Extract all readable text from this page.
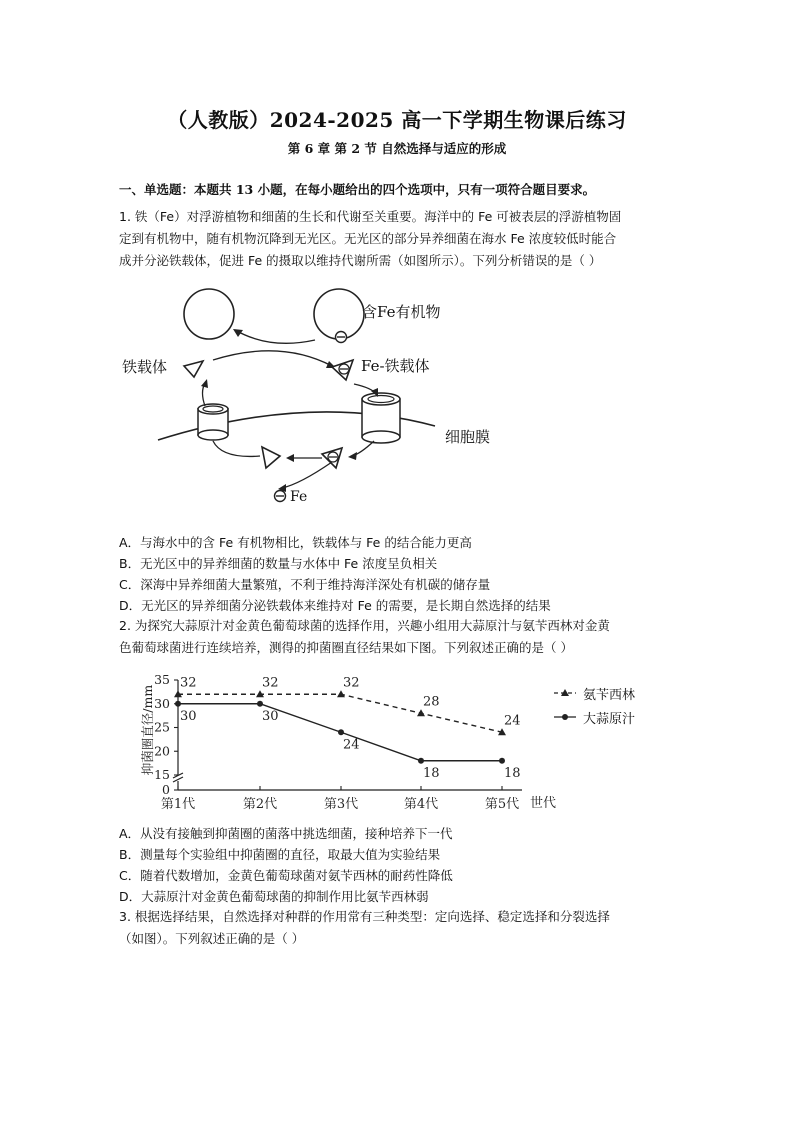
（人教版）2024-2025 高一下学期生物课后练习
第 6 章 第 2 节 自然选择与适应的形成
一、单选题：本题共 13 小题，在每小题给出的四个选项中，只有一项符合题目要求。
1. 铁（Fe）对浮游植物和细菌的生长和代谢至关重要。海洋中的 Fe 可被表层的浮游植物固
定到有机物中，随有机物沉降到无光区。无光区的部分异养细菌在海水 Fe 浓度较低时能合
成并分泌铁载体，促进 Fe 的摄取以维持代谢所需（如图所示）。下列分析错误的是（ ）
含Fe有机物
铁载体	Fe-铁载体
细胞膜
Fe
A．与海水中的含 Fe 有机物相比，铁载体与 Fe 的结合能力更高
B．无光区中的异养细菌的数量与水体中 Fe 浓度呈负相关
C．深海中异养细菌大量繁殖，不利于维持海洋深处有机碳的储存量
D．无光区的异养细菌分泌铁载体来维持对 Fe 的需要，是长期自然选择的结果
2. 为探究大蒜原汁对金黄色葡萄球菌的选择作用，兴趣小组用大蒜原汁与氨苄西林对金黄
色葡萄球菌进行连续培养，测得的抑菌圈直径结果如下图。下列叙述正确的是（ ）
抑菌圈直径/mm
世代
0
15
20
25
30
35
第1代	第2代	第3代	第4代	第5代
32	32	32
28
24
30	30
24
18	18
氨苄西林
大蒜原汁
A．从没有接触到抑菌圈的菌落中挑选细菌，接种培养下一代
B．测量每个实验组中抑菌圈的直径，取最大值为实验结果
C．随着代数增加，金黄色葡萄球菌对氨苄西林的耐药性降低
D．大蒜原汁对金黄色葡萄球菌的抑制作用比氨苄西林弱
3. 根据选择结果，自然选择对种群的作用常有三种类型：定向选择、稳定选择和分裂选择
（如图）。下列叙述正确的是（ ）
